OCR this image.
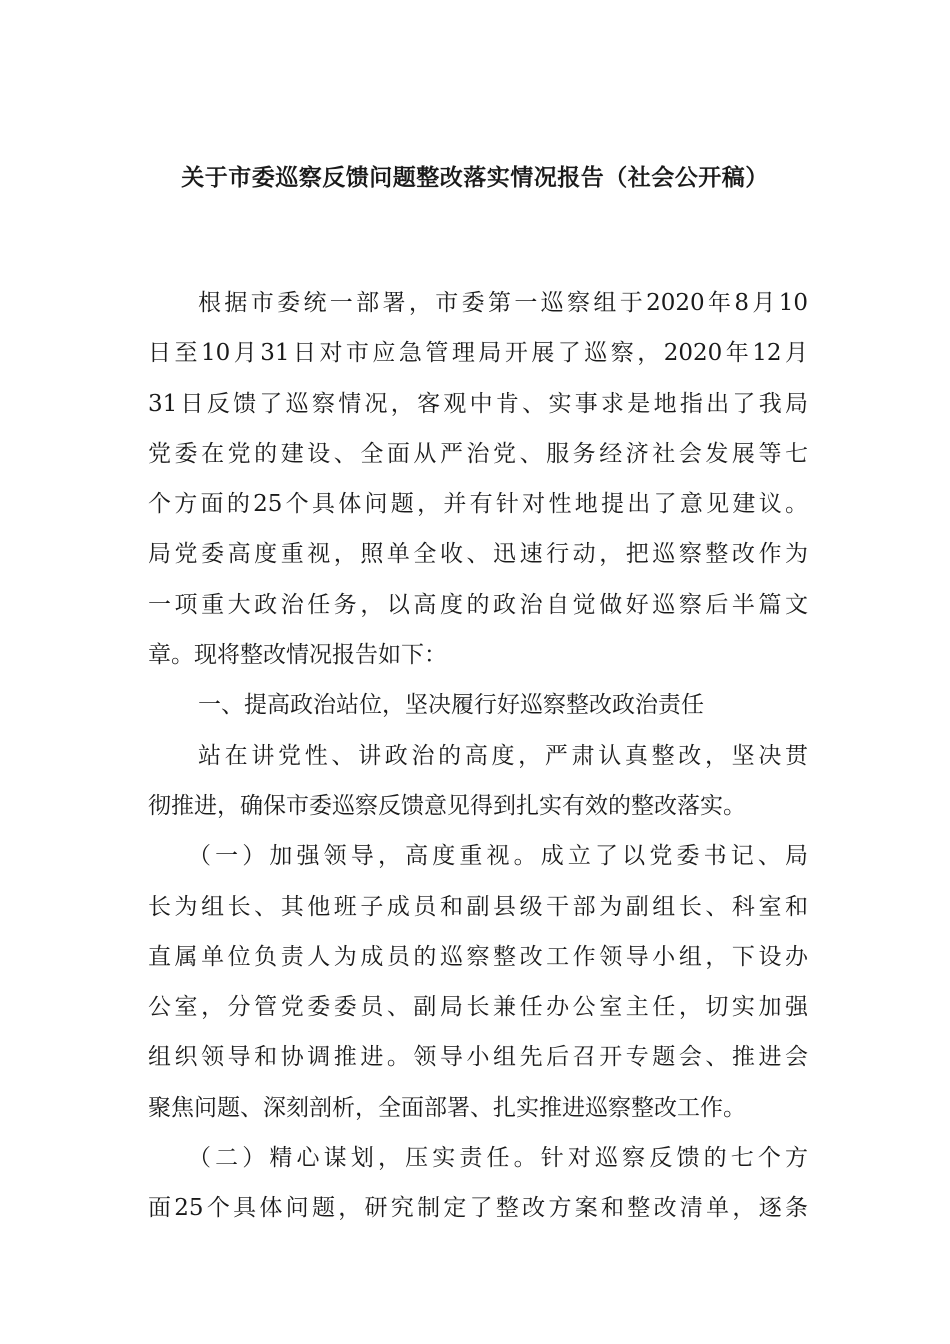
关于市委巡察反馈问题整改落实情况报告（社会公开稿）
根据市委统一部署，市委第一巡察组于2020年8月10
日至10月31日对市应急管理局开展了巡察，2020年12月
31日反馈了巡察情况，客观中肯、实事求是地指出了我局
党委在党的建设、全面从严治党、服务经济社会发展等七
个方面的25个具体问题，并有针对性地提出了意见建议。
局党委高度重视，照单全收、迅速行动，把巡察整改作为
一项重大政治任务，以高度的政治自觉做好巡察后半篇文
章。现将整改情况报告如下：
一、提高政治站位，坚决履行好巡察整改政治责任
站在讲党性、讲政治的高度，严肃认真整改，坚决贯
彻推进，确保市委巡察反馈意见得到扎实有效的整改落实。
（一）加强领导，高度重视。成立了以党委书记、局
长为组长、其他班子成员和副县级干部为副组长、科室和
直属单位负责人为成员的巡察整改工作领导小组，下设办
公室，分管党委委员、副局长兼任办公室主任，切实加强
组织领导和协调推进。领导小组先后召开专题会、推进会
聚焦问题、深刻剖析，全面部署、扎实推进巡察整改工作。
（二）精心谋划，压实责任。针对巡察反馈的七个方
面25个具体问题，研究制定了整改方案和整改清单，逐条
